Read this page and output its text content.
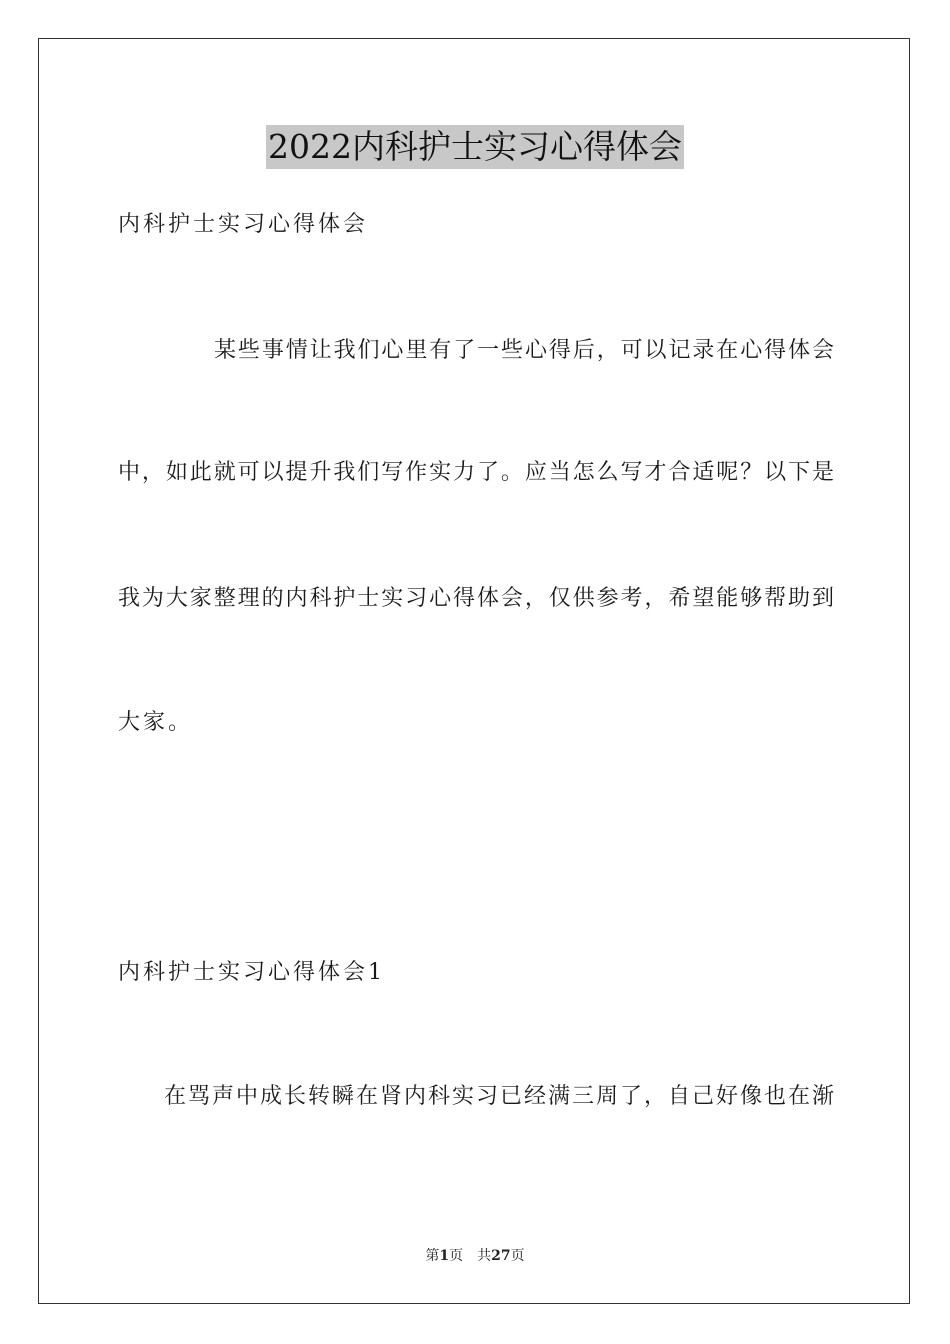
2022内科护士实习心得体会
内科护士实习心得体会
某些事情让我们心里有了一些心得后，可以记录在心得体会
中，如此就可以提升我们写作实力了。应当怎么写才合适呢？以下是
我为大家整理的内科护士实习心得体会，仅供参考，希望能够帮助到
大家。
内科护士实习心得体会1
在骂声中成长转瞬在肾内科实习已经满三周了，自己好像也在渐
第1页　共27页
